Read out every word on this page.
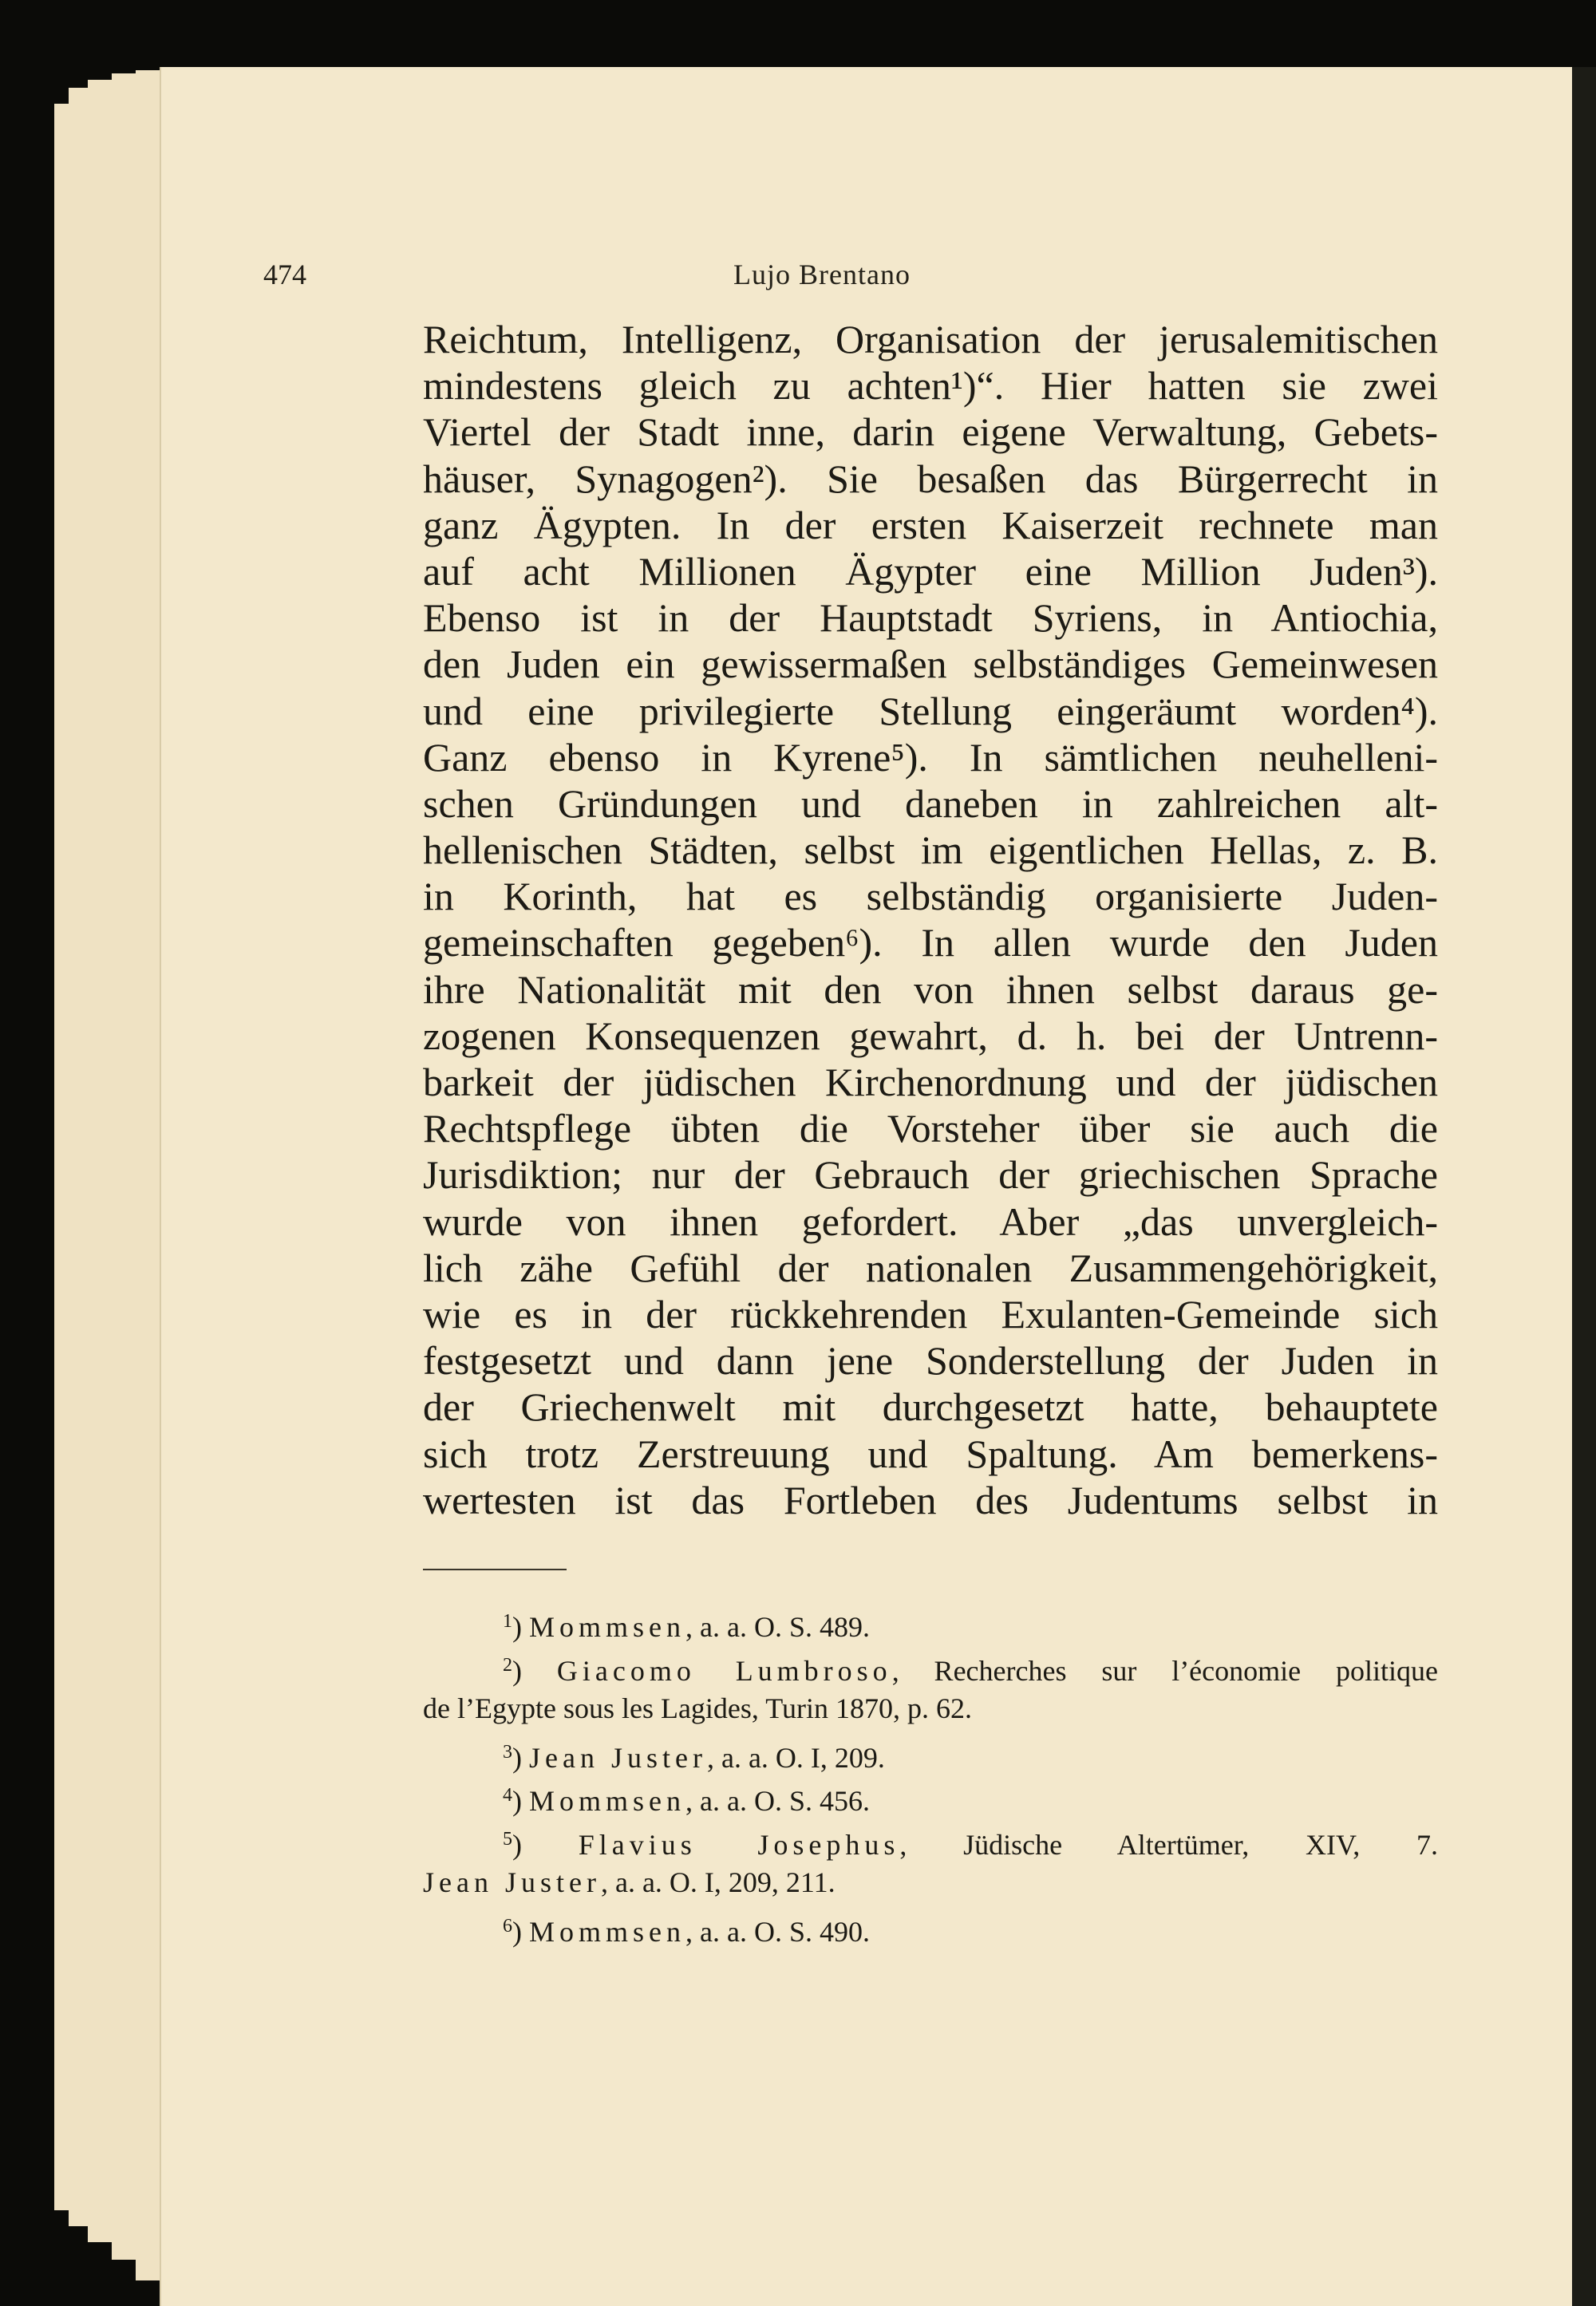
474	Lujo Brentano
Reichtum, Intelligenz, Organisation der jerusalemitischen
mindestens gleich zu achten¹)“. Hier hatten sie zwei
Viertel der Stadt inne, darin eigene Verwaltung, Gebets-
häuser, Synagogen²). Sie besaßen das Bürgerrecht in
ganz Ägypten. In der ersten Kaiserzeit rechnete man
auf acht Millionen Ägypter eine Million Juden³).
Ebenso ist in der Hauptstadt Syriens, in Antiochia,
den Juden ein gewissermaßen selbständiges Gemeinwesen
und eine privilegierte Stellung eingeräumt worden⁴).
Ganz ebenso in Kyrene⁵). In sämtlichen neuhelleni-
schen Gründungen und daneben in zahlreichen alt-
hellenischen Städten, selbst im eigentlichen Hellas, z. B.
in Korinth, hat es selbständig organisierte Juden-
gemeinschaften gegeben⁶). In allen wurde den Juden
ihre Nationalität mit den von ihnen selbst daraus ge-
zogenen Konsequenzen gewahrt, d. h. bei der Untrenn-
barkeit der jüdischen Kirchenordnung und der jüdischen
Rechtspflege übten die Vorsteher über sie auch die
Jurisdiktion; nur der Gebrauch der griechischen Sprache
wurde von ihnen gefordert. Aber „das unvergleich-
lich zähe Gefühl der nationalen Zusammengehörigkeit,
wie es in der rückkehrenden Exulanten-Gemeinde sich
festgesetzt und dann jene Sonderstellung der Juden in
der Griechenwelt mit durchgesetzt hatte, behauptete
sich trotz Zerstreuung und Spaltung. Am bemerkens-
wertesten ist das Fortleben des Judentums selbst in
$^1$) Mommsen, a. a. O. S. 489.
$^2$) Giacomo Lumbroso, Recherches sur l’économie politique
de l’Egypte sous les Lagides, Turin 1870, p. 62.
$^3$) Jean Juster, a. a. O. I, 209.
$^4$) Mommsen, a. a. O. S. 456.
$^5$) Flavius Josephus, Jüdische Altertümer, XIV, 7.
Jean Juster, a. a. O. I, 209, 211.
$^6$) Mommsen, a. a. O. S. 490.
